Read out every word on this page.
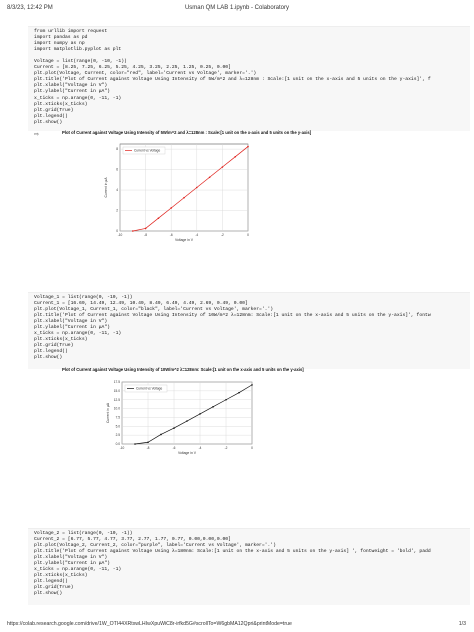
8/3/23, 12:42 PM	Usman QM LAB 1.ipynb - Colaboratory
from urllib import request
import pandas as pd
import numpy as np
import matplotlib.pyplot as plt

Voltage = list(range(0, -10, -1))
Current = [8.25, 7.25, 6.25, 5.25, 4.25, 3.25, 2.25, 1.25, 0.25, 0.00]
plt.plot(Voltage, Current, color="red", label='Current vs Voltage', marker='.')
plt.title('Plot of Current against Voltage Using Intensity of 5W/m^2 and λ=128nm : Scale:[1 unit on the x-axis and 5 units on the y-axis]', f
plt.xlabel("Voltage in V")
plt.ylabel("Current in μA")
x_ticks = np.arange(0, -11, -1)
plt.xticks(x_ticks)
plt.grid(True)
plt.legend()
plt.show()
⇨	Plot of Current against Voltage Using Intensity of 5W/m^2 and λ=128nm : Scale:[1 unit on the x-axis and 5 units on the y-axis]
-10	-8	-6	-4	-2	0
0
2
4
6
8
Voltage in V
Current in μA
Current vs Voltage
Voltage_1 = list(range(0, -10, -1))
Current_1 = [16.69, 14.49, 12.49, 10.49, 8.49, 6.49, 4.49, 2.69, 0.49, 0.00]
plt.plot(Voltage_1, Current_1, color="black", label='Current vs Voltage', marker='.')
plt.title('Plot of Current against Voltage Using Intensity of 10W/m^2 λ=128nm: Scale:[1 unit on the x-axis and 5 units on the y-axis]', fontw
plt.xlabel("Voltage in V")
plt.ylabel("Current in μA")
x_ticks = np.arange(0, -11, -1)
plt.xticks(x_ticks)
plt.grid(True)
plt.legend()
plt.show()
Plot of Current against Voltage Using Intensity of 10W/m^2 λ=128nm: Scale:[1 unit on the x-axis and 5 units on the y-axis]
-10	-8	-6	-4	-2	0
0.0
2.5
5.0
7.5
10.0
12.5
15.0
17.5
Voltage in V
Current in μA
Current vs Voltage
Voltage_2 = list(range(0, -10, -1))
Current_2 = [6.77, 5.77, 4.77, 3.77, 2.77, 1.77, 0.77, 0.00,0.00,0.00]
plt.plot(Voltage_2, Current_2, color="purple", label='Current vs Voltage', marker='.')
plt.title('Plot of Current against Voltage Using λ=180nm: Scale:[1 unit on the x-axis and 5 units on the y-axis] ', fontweight = 'bold', padd
plt.xlabel("Voltage in V")
plt.ylabel("Current in μA")
x_ticks = np.arange(0, -11, -1)
plt.xticks(x_ticks)
plt.legend()
plt.grid(True)
plt.show()
https://colab.research.google.com/drive/1W_OTI44XRtxwLHIwXpuWiC8r-irfkd5G#scrollTo=W6gbMA12Qpri&printMode=true	1/3
